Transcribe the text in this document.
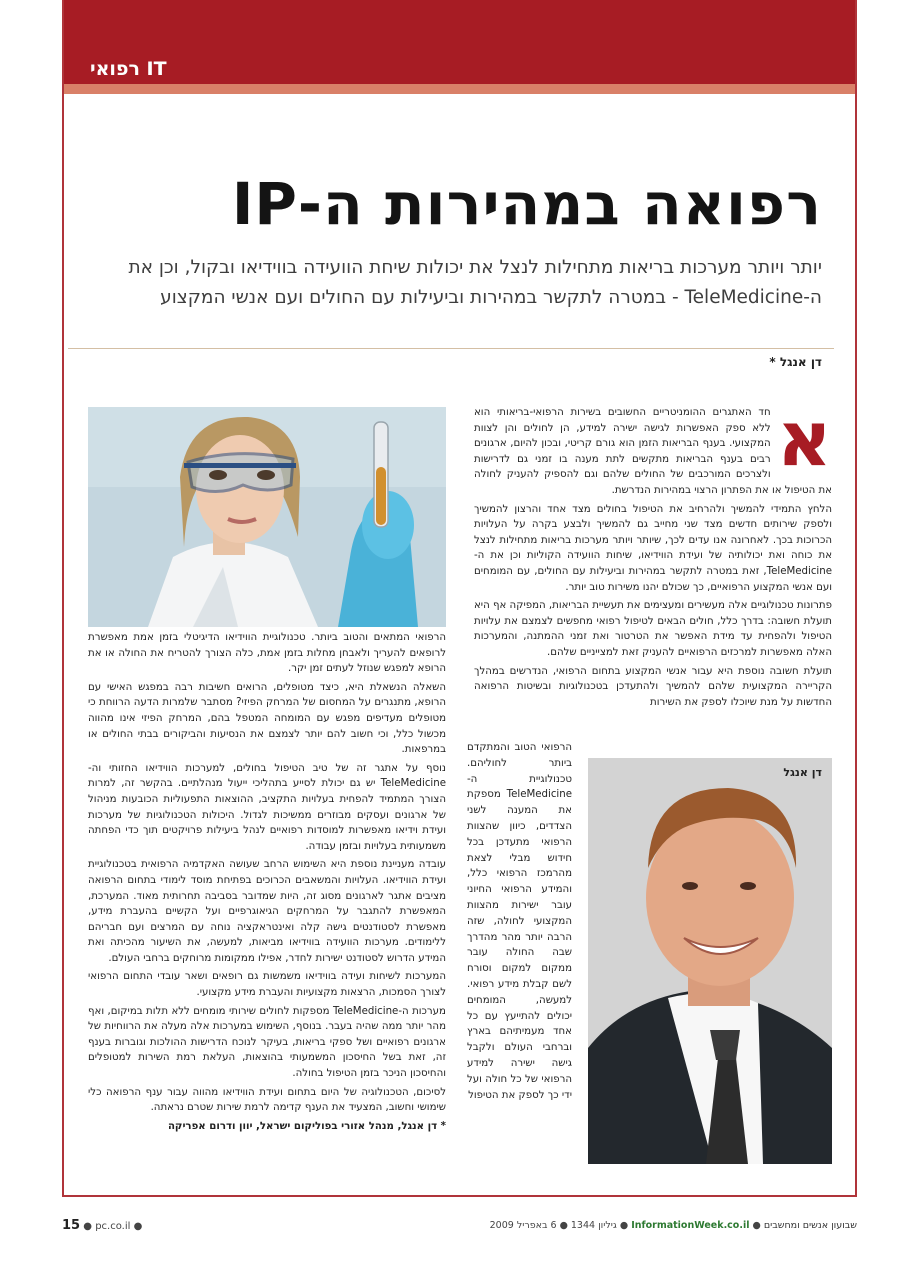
IT רפואי
רפואה במהירות ה-IP
יותר ויותר מערכות בריאות מתחילות לנצל את יכולות שיחת הוועידה בווידיאו ובקול, וכן את
ה-TeleMedicine - במטרה לתקשר במהירות וביעילות עם החולים ועם אנשי המקצוע
דן אנגל *
א

חד האתגרים ההומניטריים החשובים בשירות הרפואי-בריאותי הוא ללא ספק האפשרות לגישה ישירה למידע, הן לחולים והן לצוות המקצועי. בענף הבריאות הזמן הוא גורם קריטי, ובכון להיום, ארגונים רבים בענף הבריאות מתקשים לתת מענה בו זמני גם לדרישות ולצרכים המורכבים של החולים שלהם וגם להספיק להעניק לחולה את הטיפול או את הפתרון הרצוי במהירות הנדרשת.

הלחץ התמידי להמשיך ולהרחיב את הטיפול בחולים מצד אחד והרצון להמשיך ולספק שירותים חדשים מצד שני מחייב גם להמשיך ולבצע בקרה על העלויות הכרוכות בכך. לאחרונה אנו עדים לכך, שיותר ויותר מערכות בריאות מתחילות לנצל את כוחה ואת יכולותיה של ועידת הווידיאו, שיחות הוועידה הקוליות וכן את ה-TeleMedicine, זאת במטרה לתקשר במהירות וביעילות עם החולים, עם המומחים ועם אנשי המקצוע הרפואיים, כך שכולם יהנו משירות טוב יותר.

פתרונות טכנולוגיים אלה מעשירים ומעצימים את תעשיית הבריאות, המפיקה אף היא תועלת חשובה: בדרך כלל, חולים הבאים לטיפול רפואי מחפשים לצמצם את עלויות הטיפול ולהפחית עד מידת האפשר את הטרטור ואת זמני ההמתנה, והמערכות האלה מאפשרות למרכזים הרפואיים להעניק זאת למצייניים שלהם.

תועלת חשובה נוספת היא עבור אנשי המקצוע בתחום הרפואי, הנדרשים במהלך הקריירה המקצועית שלהם להמשיך ולהתעדכן בטכנולוגיות ובשיטות הרפואה החדשות על מנת שיוכלו לספק את השירות

הרפואי המתאים והטוב ביותר. טכנולוגיית הווידיאו הדיגיטלי בזמן אמת מאפשרת לרופאים להעריך ולאבחן מחלות בזמן אמת, כלה הצורך להטריח את החולה או את הרופא למפגש שנוזל לעתים זמן יקר.

השאלה הנשאלת היא, כיצד מטופלים, הרואים חשיבות רבה במפגש האישי עם הרופא, מתנגרים על המחסום של המרחק הפיזי? מסתבר שלמרות הדעה הרווחת כי מטופלים מעדיפים מפגש עם המומחה המטפל בהם, המרחק הפיזי אינו מהווה מכשול כלל, וכי חשוב להם יותר לצמצם את הנסיעות והביקורים בבתי החולים או במרפאות.

נוסף על אתגר זה של טיב הטיפול בחולים, למערכות הווידיאו החזותי וה-TeleMedicine יש גם יכולת לסייע בתהליכי ייעול מנהלתיים. בהקשר זה, למרות הצורך המתמיד להפחית בעלויות התקציב, ההוצאות התפעוליות הכובעות מניהול של ארגונים ועסקים מבוזרים ממשיכות לגדול. היכולות הטכנולוגיות של מערכות ועידת וידיאו מאפשרות למוסדות רפואיים לנהל ביעילות פרויקטים תוך כדי הפחתה משמעותית בעלויות ובזמן עבודה.

עובדה מעניינת נוספת היא השימוש הרחב שעושה האקדמיה הרפואית בטכנולוגיית ועידת הווידיאו. העלויות והמשאבים הכרוכים בפתיחת מוסד לימודי בתחום הרפואה מציבים אתגר לארגונים מסוג זה, היות שמדובר בסביבה תחרותית מאוד. המערכת, המאפשרת להתגבר על המרחקים הגיאוגרפיים ועל הקשיים בהעברת מידע, מאפשרת לסטודנטים גישה קלה ואינטראקציה נוחה עם המרצים ועם חבריהם ללימודים. מערכות הוועידה בווידיאו מביאות, למעשה, את השיעור מהכיתה ואת המידע הדרוש לסטודנט ישירות לחדר, אפילו ממקומות מרוחקים ברחבי העולם.

המערכות לשיחות ועידה בווידיאו משמשות גם רופאים ושאר עובדי התחום הרפואי לצורך הסמכות, הרצאות מקצועיות והעברת מידע מקצועי.

מערכות ה-TeleMedicine מספקות לחולים שירותי מומחים ללא תלות במיקום, ואף מהר יותר ממה שהיה בעבר. בנוסף, השימוש במערכות אלה מעלה את הרווחיות של ארגונים רפואיים ושל ספקי בריאות, בעיקר לנוכח הדרישות ההולכות וגוברות בענף זה, זאת בשל החיסכון המשמעותי בהוצאות, העלאת רמת השירות למטופלים והחיסכון הניכר בזמן הטיפול בחולה.

לסיכום, הטכנולוגיה של היום בתחום ועידת הווידיאו מהווה עבור ענף הרפואה כלי שימושי וחשוב, המצעיד את הענף קדימה לרמת שירות שטרם נראתה.

* דן אנגל, מנהל אזורי בפוליקום ישראל, יוון ודרום אפריקה

הרפואי הטוב והמתקדם ביותר לחוליהם. טכנולוגיית ה-TeleMedicine מספקת את המענה לשני הצדדים, כיוון שהצוות הרפואי מתעדכן בכל חידוש מבלי לצאת מהרמכז הרפואי כלל, והמידע הרפואי החיוני עובר ישירות מהצוות המקצועי לחולה, שזה הרבה יותר מהר מהדרך שבה החולה עובר ממקום למקום וסורח לשם קבלת מידע רפואי. למעשה, המומחים יכולים להתייעץ עם כל אחד מעמיתיהם בארץ וברחבי העולם ולקבל גישה ישירה למידע הרפואי של כל חולה ועל ידי כך לספק את הטיפול

דן אנגל
שבועון אנשים ומחשבים ● InformationWeek.co.il ● גיליון 1344 ● 6 באפריל 2009
15 ● pc.co.il ●
